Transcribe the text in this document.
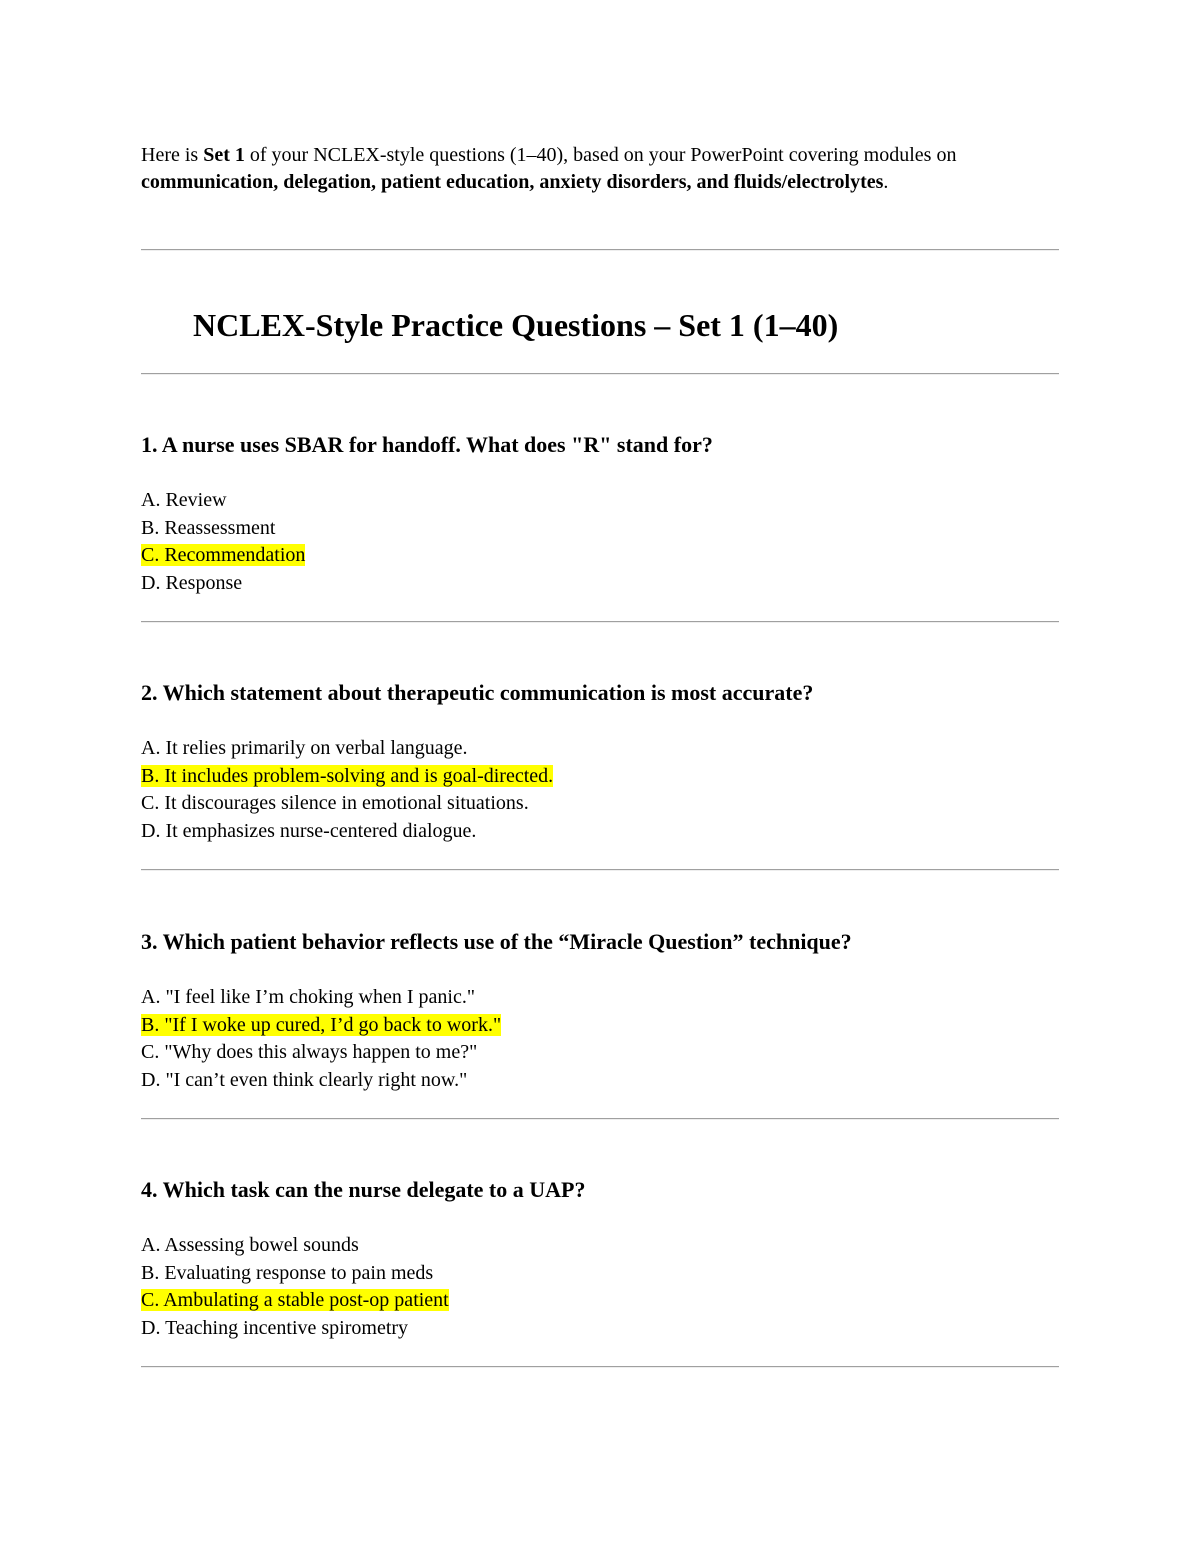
Here is Set 1 of your NCLEX-style questions (1–40), based on your PowerPoint covering modules on communication, delegation, patient education, anxiety disorders, and fluids/electrolytes.
NCLEX-Style Practice Questions – Set 1 (1–40)
1. A nurse uses SBAR for handoff. What does "R" stand for?
A. Review
B. Reassessment
C. Recommendation
D. Response
2. Which statement about therapeutic communication is most accurate?
A. It relies primarily on verbal language.
B. It includes problem-solving and is goal-directed.
C. It discourages silence in emotional situations.
D. It emphasizes nurse-centered dialogue.
3. Which patient behavior reflects use of the “Miracle Question” technique?
A. "I feel like I’m choking when I panic."
B. "If I woke up cured, I’d go back to work."
C. "Why does this always happen to me?"
D. "I can’t even think clearly right now."
4. Which task can the nurse delegate to a UAP?
A. Assessing bowel sounds
B. Evaluating response to pain meds
C. Ambulating a stable post-op patient
D. Teaching incentive spirometry
